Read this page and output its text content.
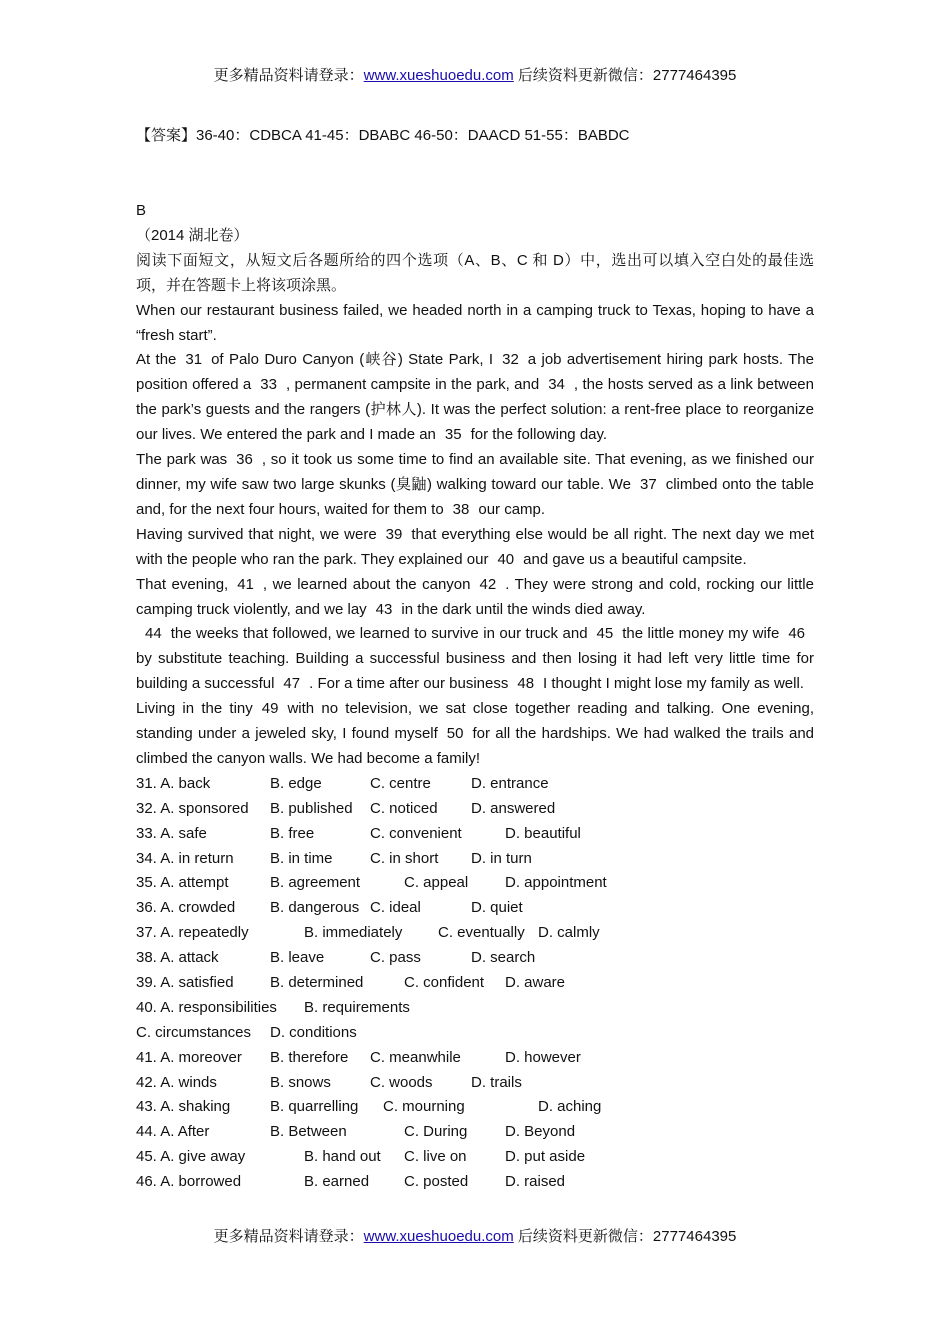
更多精品资料请登录：www.xueshuoedu.com 后续资料更新微信：2777464395
【答案】36-40：CDBCA 41-45：DBABC 46-50：DAACD 51-55：BABDC

B

（2014 湖北卷）

阅读下面短文，从短文后各题所给的四个选项（A、B、C 和 D）中，选出可以填入空白处的最佳选项，并在答题卡上将该项涂黑。

When our restaurant business failed, we headed north in a camping truck to Texas, hoping to have a “fresh start”.

At the 31 of Palo Duro Canyon (峡谷) State Park, I 32 a job advertisement hiring park hosts. The position offered a 33 , permanent campsite in the park, and 34 , the hosts served as a link between the park’s guests and the rangers (护林人). It was the perfect solution: a rent-free place to reorganize our lives. We entered the park and I made an 35 for the following day.

The park was 36 , so it took us some time to find an available site. That evening, as we finished our dinner, my wife saw two large skunks (臭鼬) walking toward our table. We 37 climbed onto the table and, for the next four hours, waited for them to 38 our camp.

Having survived that night, we were 39 that everything else would be all right. The next day we met with the people who ran the park. They explained our 40 and gave us a beautiful campsite.

That evening, 41 , we learned about the canyon 42 . They were strong and cold, rocking our little camping truck violently, and we lay 43 in the dark until the winds died away.

44 the weeks that followed, we learned to survive in our truck and 45 the little money my wife 46by substitute teaching. Building a successful business and then losing it had left very little time for building a successful 47 . For a time after our business 48 I thought I might lose my family as well.

Living in the tiny 49 with no television, we sat close together reading and talking. One evening, standing under a jeweled sky, I found myself 50 for all the hardships. We had walked the trails and climbed the canyon walls. We had become a family!

31. A. back	B. edge	C. centre	D. entrance
32. A. sponsored B. published C. noticed D. answered
33. A. safe	B. free	C. convenient	D. beautiful
34. A. in return B. in time C. in short D. in turn
35. A. attempt	B. agreement	C. appeal D. appointment
36. A. crowded B. dangerous C. ideal	D. quiet
37. A. repeatedly	B. immediately C. eventually D. calmly
38. A. attack	B. leave	C. pass	D. search
39. A. satisfied B. determined	C. confident D. aware
40. A. responsibilities B. requirements
C. circumstances D. conditions
41. A. moreover B. therefore C. meanwhile	D. however
42. A. winds	B. snows	C. woods	D. trails
43. A. shaking	B. quarrelling C. mourning	D. aching
44. A. After	B. Between	C. During	D. Beyond
45. A. give away	B. hand out C. live on	D. put aside
46. A. borrowed	B. earned C. posted D. raised
更多精品资料请登录：www.xueshuoedu.com 后续资料更新微信：2777464395
